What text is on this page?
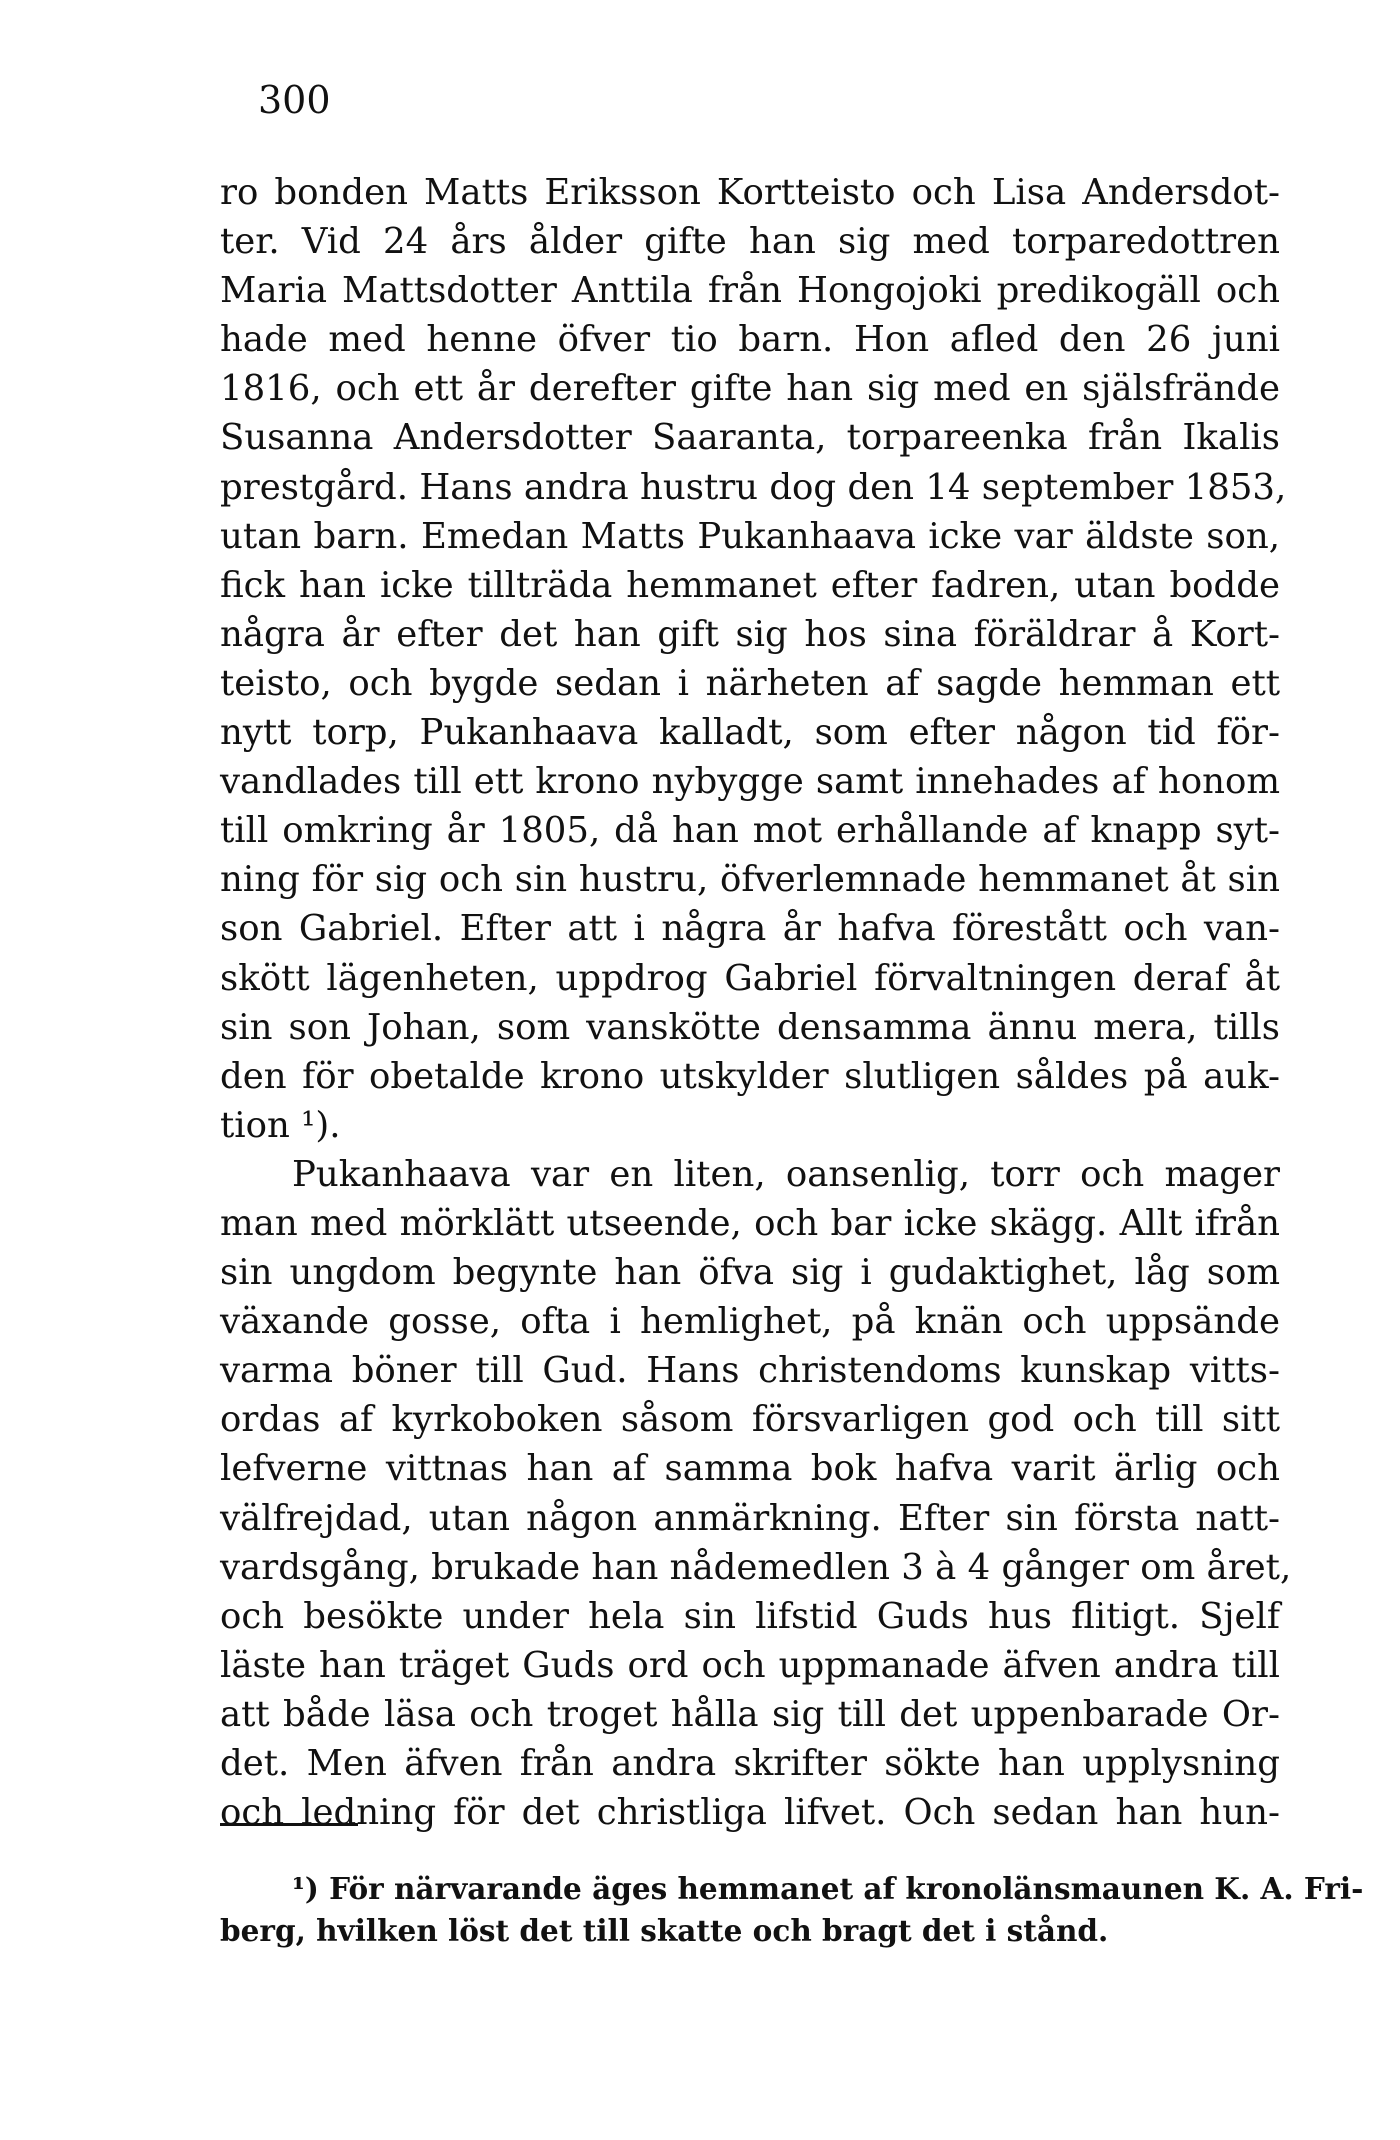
300
ro bonden Matts Eriksson Kortteisto och Lisa Andersdot-
ter. Vid 24 års ålder gifte han sig med torparedottren
Maria Mattsdotter Anttila från Hongojoki predikogäll och
hade med henne öfver tio barn. Hon afled den 26 juni
1816, och ett år derefter gifte han sig med en själsfrände
Susanna Andersdotter Saaranta, torpareenka från Ikalis
prestgård. Hans andra hustru dog den 14 september 1853,
utan barn. Emedan Matts Pukanhaava icke var äldste son,
fick han icke tillträda hemmanet efter fadren, utan bodde
några år efter det han gift sig hos sina föräldrar å Kort-
teisto, och bygde sedan i närheten af sagde hemman ett
nytt torp, Pukanhaava kalladt, som efter någon tid för-
vandlades till ett krono nybygge samt innehades af honom
till omkring år 1805, då han mot erhållande af knapp syt-
ning för sig och sin hustru, öfverlemnade hemmanet åt sin
son Gabriel. Efter att i några år hafva förestått och van-
skött lägenheten, uppdrog Gabriel förvaltningen deraf åt
sin son Johan, som vanskötte densamma ännu mera, tills
den för obetalde krono utskylder slutligen såldes på auk-
tion ¹).
Pukanhaava var en liten, oansenlig, torr och mager
man med mörklätt utseende, och bar icke skägg. Allt ifrån
sin ungdom begynte han öfva sig i gudaktighet, låg som
växande gosse, ofta i hemlighet, på knän och uppsände
varma böner till Gud. Hans christendoms kunskap vitts-
ordas af kyrkoboken såsom försvarligen god och till sitt
lefverne vittnas han af samma bok hafva varit ärlig och
välfrejdad, utan någon anmärkning. Efter sin första natt-
vardsgång, brukade han nådemedlen 3 à 4 gånger om året,
och besökte under hela sin lifstid Guds hus flitigt. Sjelf
läste han träget Guds ord och uppmanade äfven andra till
att både läsa och troget hålla sig till det uppenbarade Or-
det. Men äfven från andra skrifter sökte han upplysning
och ledning för det christliga lifvet. Och sedan han hun-
¹) För närvarande äges hemmanet af kronolänsmaunen K. A. Fri-
berg, hvilken löst det till skatte och bragt det i stånd.
